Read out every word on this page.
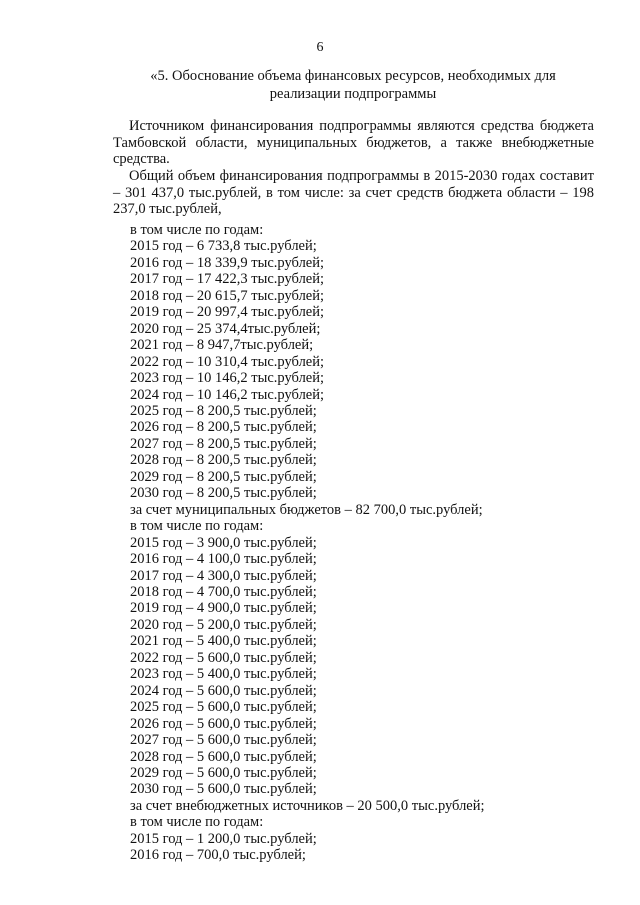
6
«5. Обоснование объема финансовых ресурсов, необходимых для
реализации подпрограммы

Источником финансирования подпрограммы являются средства бюджета Тамбовской области, муниципальных бюджетов, а также внебюджетные средства.

Общий объем финансирования подпрограммы в 2015-2030 годах составит – 301 437,0 тыс.рублей, в том числе: за счет средств бюджета области – 198 237,0 тыс.рублей,

в том числе по годам:
2015 год – 6 733,8 тыс.рублей;
2016 год – 18 339,9 тыс.рублей;
2017 год – 17 422,3 тыс.рублей;
2018 год – 20 615,7 тыс.рублей;
2019 год – 20 997,4 тыс.рублей;
2020 год – 25 374,4тыс.рублей;
2021 год – 8 947,7тыс.рублей;
2022 год – 10 310,4 тыс.рублей;
2023 год – 10 146,2 тыс.рублей;
2024 год – 10 146,2 тыс.рублей;
2025 год – 8 200,5 тыс.рублей;
2026 год – 8 200,5 тыс.рублей;
2027 год – 8 200,5 тыс.рублей;
2028 год – 8 200,5 тыс.рублей;
2029 год – 8 200,5 тыс.рублей;
2030 год – 8 200,5 тыс.рублей;
за счет муниципальных бюджетов – 82 700,0 тыс.рублей;
в том числе по годам:
2015 год – 3 900,0 тыс.рублей;
2016 год – 4 100,0 тыс.рублей;
2017 год – 4 300,0 тыс.рублей;
2018 год – 4 700,0 тыс.рублей;
2019 год – 4 900,0 тыс.рублей;
2020 год – 5 200,0 тыс.рублей;
2021 год – 5 400,0 тыс.рублей;
2022 год – 5 600,0 тыс.рублей;
2023 год – 5 400,0 тыс.рублей;
2024 год – 5 600,0 тыс.рублей;
2025 год – 5 600,0 тыс.рублей;
2026 год – 5 600,0 тыс.рублей;
2027 год – 5 600,0 тыс.рублей;
2028 год – 5 600,0 тыс.рублей;
2029 год – 5 600,0 тыс.рублей;
2030 год – 5 600,0 тыс.рублей;
за счет внебюджетных источников – 20 500,0 тыс.рублей;
в том числе по годам:
2015 год – 1 200,0 тыс.рублей;
2016 год – 700,0 тыс.рублей;
